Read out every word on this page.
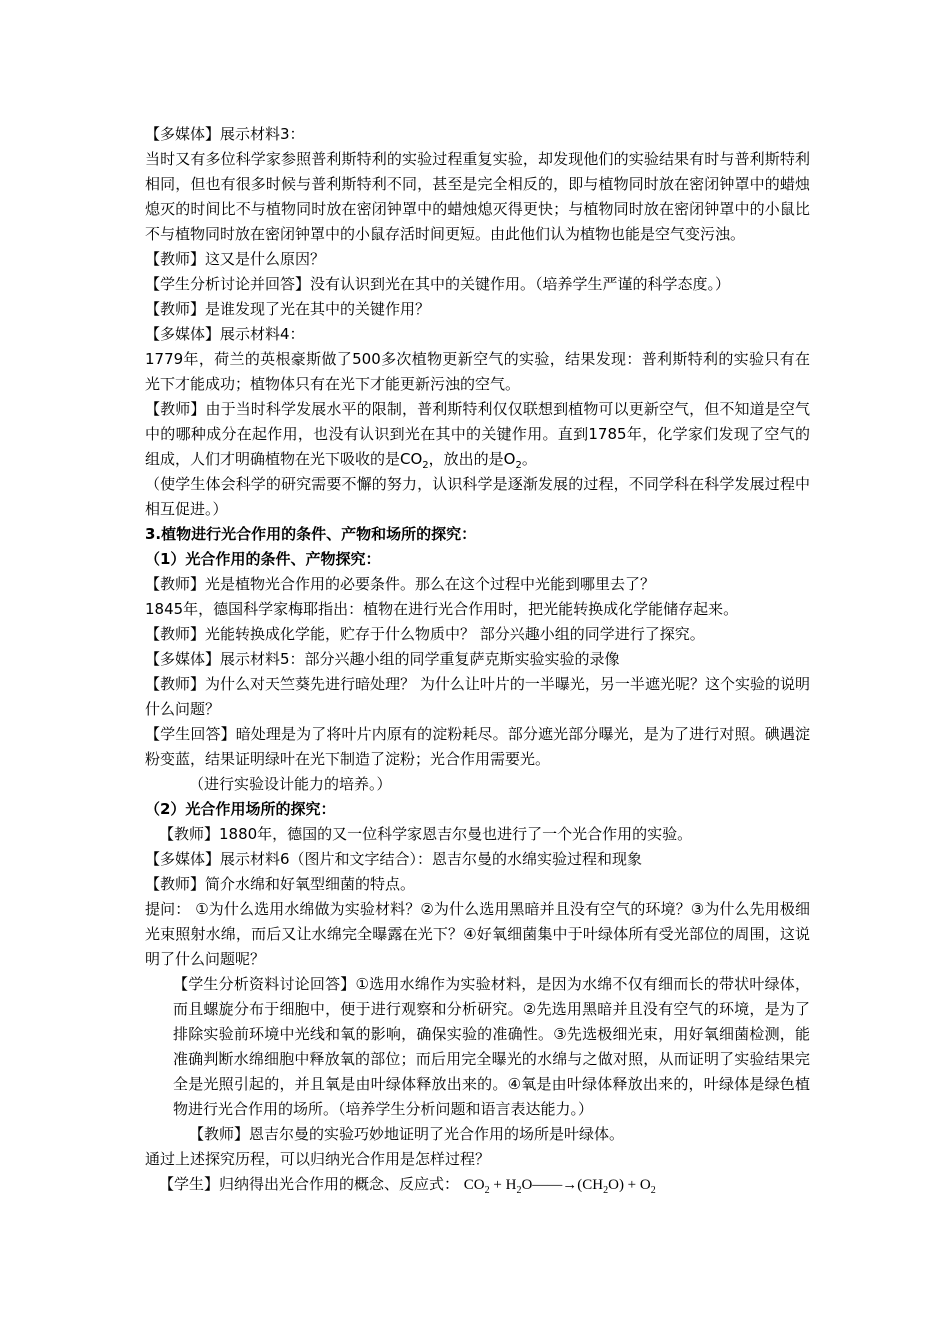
【多媒体】展示材料3：

当时又有多位科学家参照普利斯特利的实验过程重复实验，却发现他们的实验结果有时与普利斯特利相同，但也有很多时候与普利斯特利不同，甚至是完全相反的，即与植物同时放在密闭钟罩中的蜡烛熄灭的时间比不与植物同时放在密闭钟罩中的蜡烛熄灭得更快；与植物同时放在密闭钟罩中的小鼠比不与植物同时放在密闭钟罩中的小鼠存活时间更短。由此他们认为植物也能是空气变污浊。

【教师】这又是什么原因？

【学生分析讨论并回答】没有认识到光在其中的关键作用。（培养学生严谨的科学态度。）

【教师】是谁发现了光在其中的关键作用？

【多媒体】展示材料4：

1779年，荷兰的英根豪斯做了500多次植物更新空气的实验，结果发现：普利斯特利的实验只有在光下才能成功；植物体只有在光下才能更新污浊的空气。

【教师】由于当时科学发展水平的限制，普利斯特利仅仅联想到植物可以更新空气，但不知道是空气中的哪种成分在起作用，也没有认识到光在其中的关键作用。直到1785年，化学家们发现了空气的组成，人们才明确植物在光下吸收的是$CO_2$，放出的是$O_2$。

（使学生体会科学的研究需要不懈的努力，认识科学是逐渐发展的过程，不同学科在科学发展过程中相互促进。）

3.植物进行光合作用的条件、产物和场所的探究：

（1）光合作用的条件、产物探究：

【教师】光是植物光合作用的必要条件。那么在这个过程中光能到哪里去了？

1845年，德国科学家梅耶指出：植物在进行光合作用时，把光能转换成化学能储存起来。

【教师】光能转换成化学能，贮存于什么物质中？ 部分兴趣小组的同学进行了探究。

【多媒体】展示材料5：部分兴趣小组的同学重复萨克斯实验实验的录像

【教师】为什么对天竺葵先进行暗处理？ 为什么让叶片的一半曝光，另一半遮光呢？这个实验的说明什么问题？

【学生回答】暗处理是为了将叶片内原有的淀粉耗尽。部分遮光部分曝光，是为了进行对照。碘遇淀粉变蓝，结果证明绿叶在光下制造了淀粉；光合作用需要光。

（进行实验设计能力的培养。）

（2）光合作用场所的探究：

【教师】1880年，德国的又一位科学家恩吉尔曼也进行了一个光合作用的实验。

【多媒体】展示材料6（图片和文字结合）：恩吉尔曼的水绵实验过程和现象

【教师】简介水绵和好氧型细菌的特点。

提问： ①为什么选用水绵做为实验材料？②为什么选用黑暗并且没有空气的环境？③为什么先用极细光束照射水绵，而后又让水绵完全曝露在光下？④好氧细菌集中于叶绿体所有受光部位的周围，这说明了什么问题呢？

【学生分析资料讨论回答】①选用水绵作为实验材料，是因为水绵不仅有细而长的带状叶绿体，而且螺旋分布于细胞中，便于进行观察和分析研究。②先选用黑暗并且没有空气的环境，是为了排除实验前环境中光线和氧的影响，确保实验的准确性。③先选极细光束，用好氧细菌检测，能准确判断水绵细胞中释放氧的部位；而后用完全曝光的水绵与之做对照，从而证明了实验结果完全是光照引起的，并且氧是由叶绿体释放出来的。④氧是由叶绿体释放出来的，叶绿体是绿色植物进行光合作用的场所。（培养学生分析问题和语言表达能力。）

【教师】恩吉尔曼的实验巧妙地证明了光合作用的场所是叶绿体。

通过上述探究历程，可以归纳光合作用是怎样过程？

【学生】归纳得出光合作用的概念、反应式： $CO_2$ + $H_2O——\to(CH_2O) + O_2$
